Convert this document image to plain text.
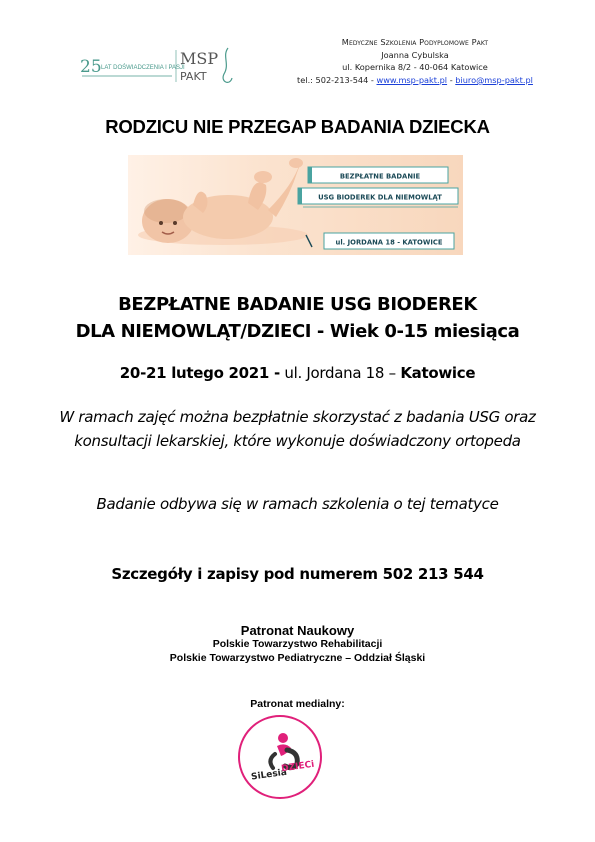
25 LAT DOŚWIADCZENIA I PASJI
MSP
PAKT
Medyczne Szkolenia Podyplomowe Pakt
Joanna Cybulska
ul. Kopernika 8/2 - 40-064 Katowice
tel.: 502-213-544 - www.msp-pakt.pl - biuro@msp-pakt.pl
RODZICU NIE PRZEGAP BADANIA DZIECKA
BEZPŁATNE BADANIE
USG BIODEREK DLA NIEMOWLĄT
ul. JORDANA 18 - KATOWICE
BEZPŁATNE BADANIE USG BIODEREK
DLA NIEMOWLĄT/DZIECI - Wiek 0-15 miesiąca
20-21 lutego 2021 - ul. Jordana 18 – Katowice
W ramach zajęć można bezpłatnie skorzystać z badania USG oraz
konsultacji lekarskiej, które wykonuje doświadczony ortopeda
Badanie odbywa się w ramach szkolenia o tej tematyce
Szczegóły i zapisy pod numerem 502 213 544
Patronat Naukowy
Polskie Towarzystwo Rehabilitacji
Polskie Towarzystwo Pediatryczne – Oddział Śląski
Patronat medialny:
SiLesia
DZIECi
